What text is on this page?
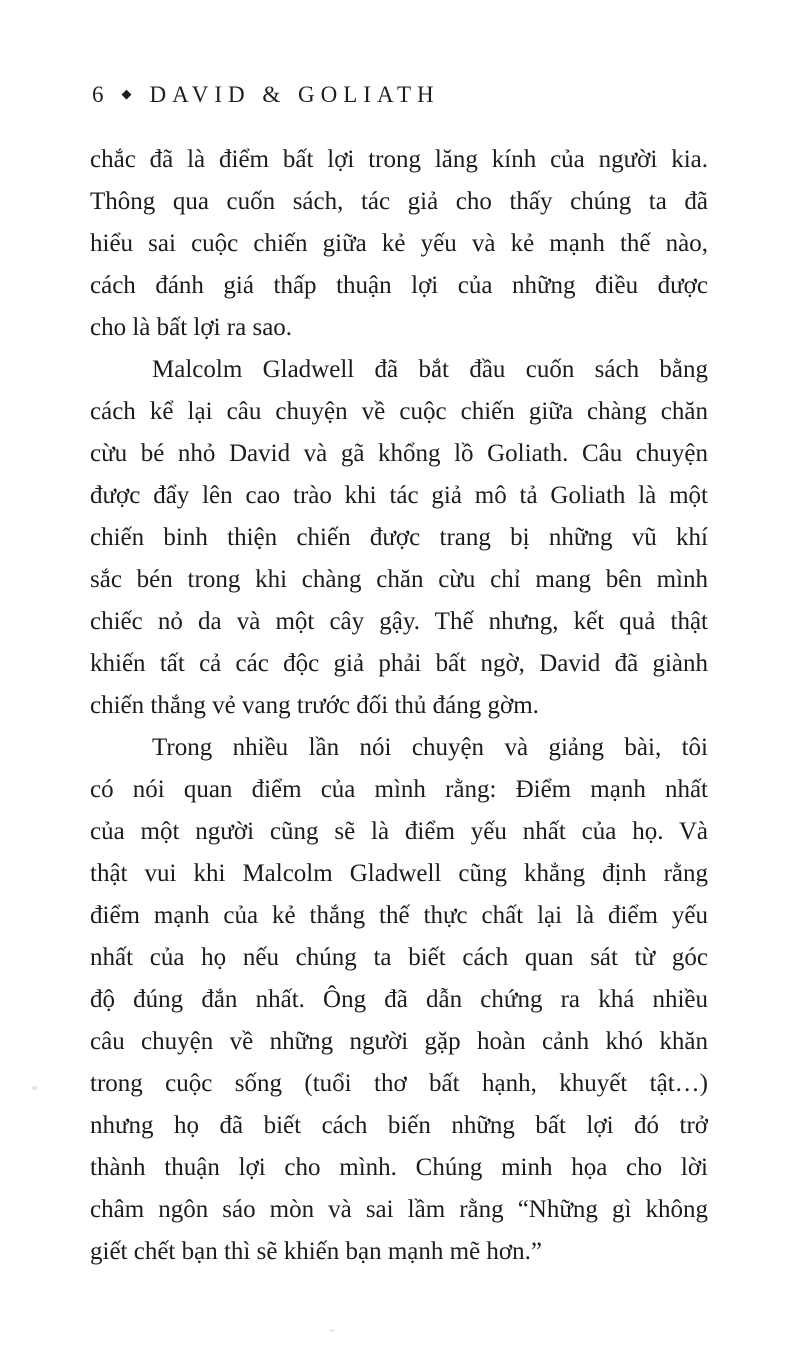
6 ◆ DAVID & GOLIATH
chắc đã là điểm bất lợi trong lăng kính của người kia.
Thông qua cuốn sách, tác giả cho thấy chúng ta đã
hiểu sai cuộc chiến giữa kẻ yếu và kẻ mạnh thế nào,
cách đánh giá thấp thuận lợi của những điều được
cho là bất lợi ra sao.
Malcolm Gladwell đã bắt đầu cuốn sách bằng
cách kể lại câu chuyện về cuộc chiến giữa chàng chăn
cừu bé nhỏ David và gã khổng lồ Goliath. Câu chuyện
được đẩy lên cao trào khi tác giả mô tả Goliath là một
chiến binh thiện chiến được trang bị những vũ khí
sắc bén trong khi chàng chăn cừu chỉ mang bên mình
chiếc nỏ da và một cây gậy. Thế nhưng, kết quả thật
khiến tất cả các độc giả phải bất ngờ, David đã giành
chiến thắng vẻ vang trước đối thủ đáng gờm.
Trong nhiều lần nói chuyện và giảng bài, tôi
có nói quan điểm của mình rằng: Điểm mạnh nhất
của một người cũng sẽ là điểm yếu nhất của họ. Và
thật vui khi Malcolm Gladwell cũng khẳng định rằng
điểm mạnh của kẻ thắng thế thực chất lại là điểm yếu
nhất của họ nếu chúng ta biết cách quan sát từ góc
độ đúng đắn nhất. Ông đã dẫn chứng ra khá nhiều
câu chuyện về những người gặp hoàn cảnh khó khăn
trong cuộc sống (tuổi thơ bất hạnh, khuyết tật…)
nhưng họ đã biết cách biến những bất lợi đó trở
thành thuận lợi cho mình. Chúng minh họa cho lời
châm ngôn sáo mòn và sai lầm rằng “Những gì không
giết chết bạn thì sẽ khiến bạn mạnh mẽ hơn.”
